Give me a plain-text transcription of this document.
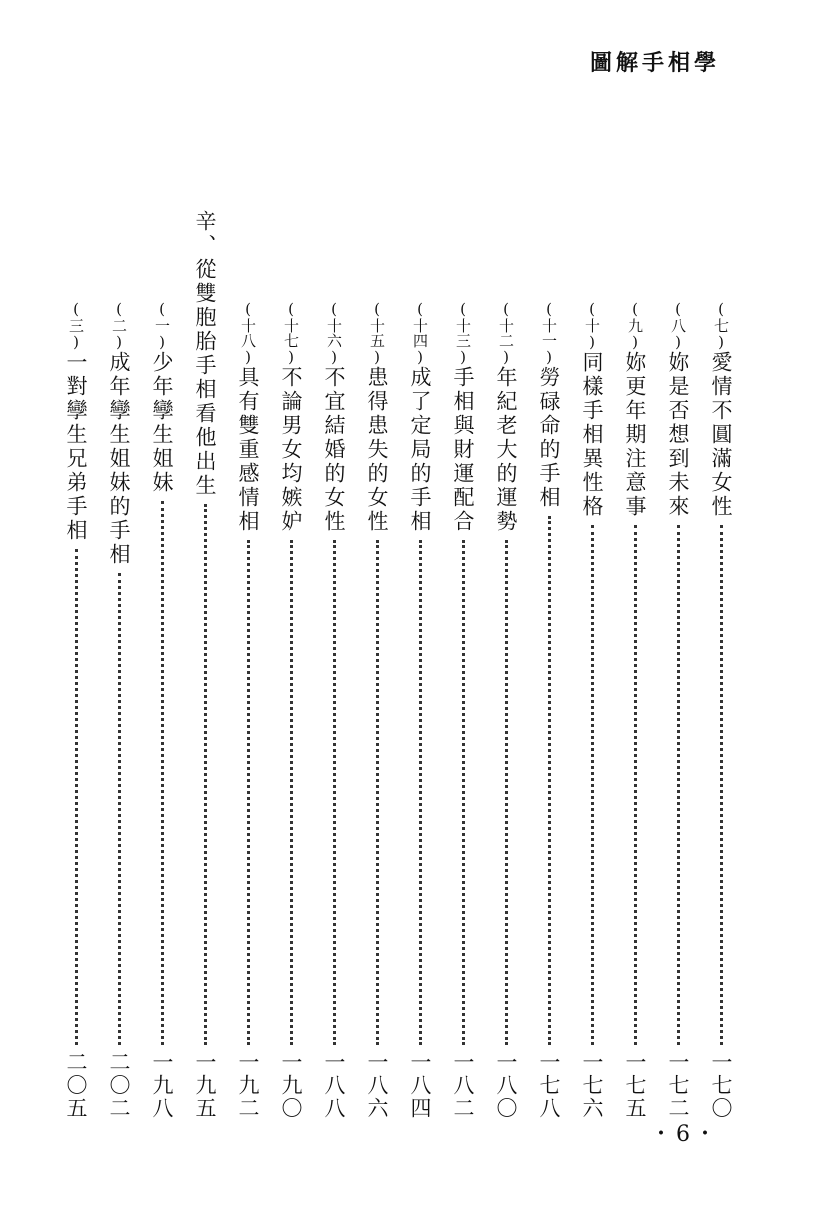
圖解手相學
(七)
愛情不圓滿女性
一七〇
(八)
妳是否想到未來
一七二
(九)
妳更年期注意事
一七五
(十)
同樣手相異性格
一七六
(十一)
勞碌命的手相
一七八
(十二)
年紀老大的運勢
一八〇
(十三)
手相與財運配合
一八二
(十四)
成了定局的手相
一八四
(十五)
患得患失的女性
一八六
(十六)
不宜結婚的女性
一八八
(十七)
不論男女均嫉妒
一九〇
(十八)
具有雙重感情相
一九二
辛、從雙胞胎手相看他出生
一九五
(一)
少年孿生姐妹
一九八
(二)
成年孿生姐妹的手相
二〇二
(三)
一對孿生兄弟手相
二〇五
・6・
